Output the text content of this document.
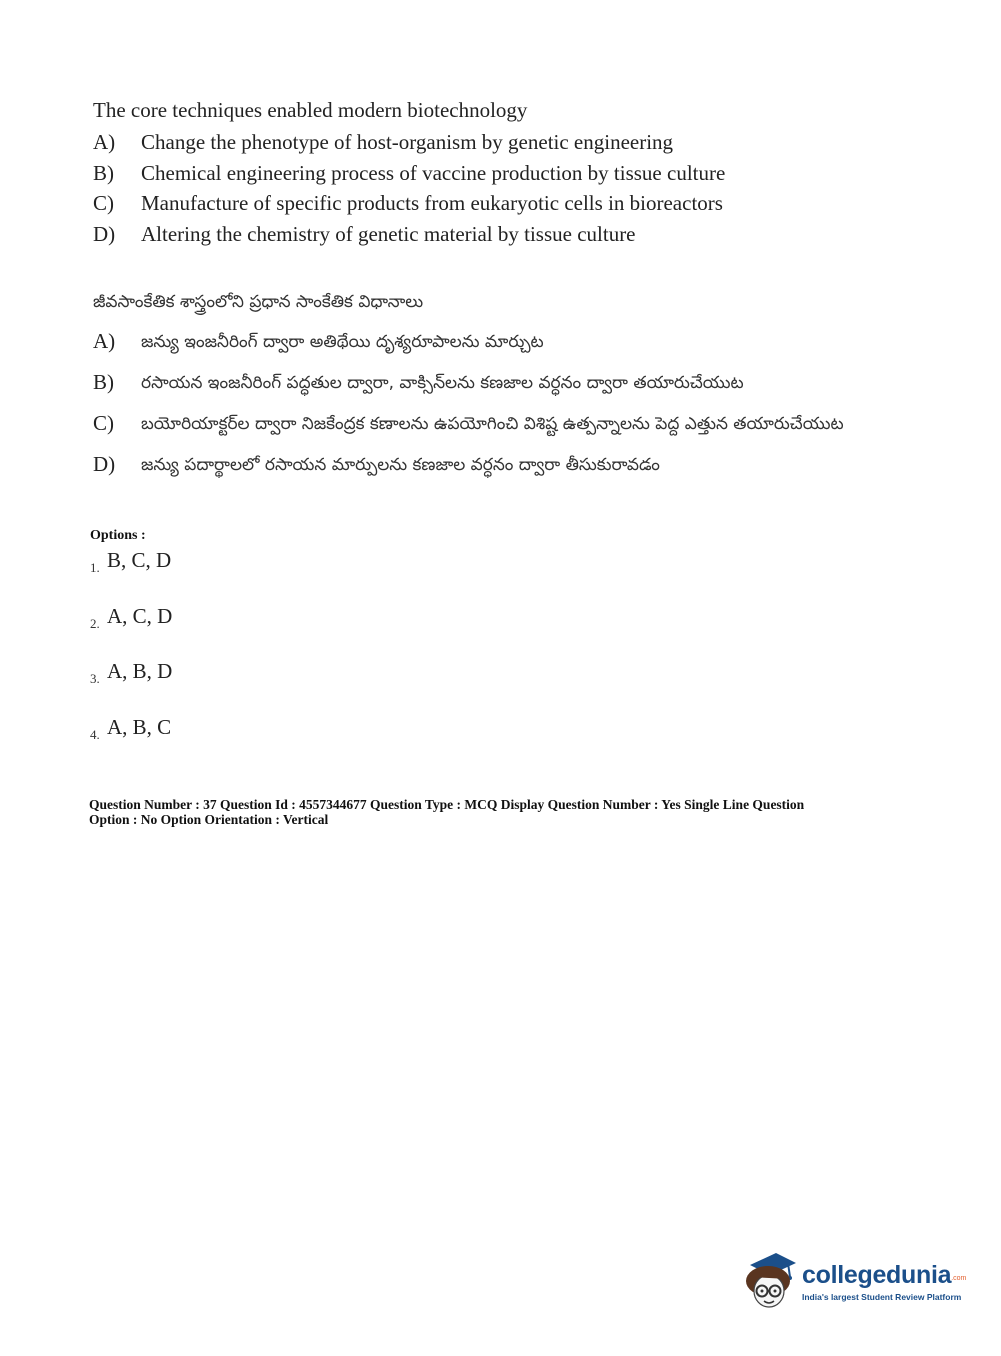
The core techniques enabled modern biotechnology
A)	Change the phenotype of host-organism by genetic engineering
B)	Chemical engineering process of vaccine production by tissue culture
C)	Manufacture of specific products from eukaryotic cells in bioreactors
D)	Altering the chemistry of genetic material by tissue culture
జీవసాంకేతిక శాస్త్రంలోని ప్రధాన సాంకేతిక విధానాలు
A)	జన్యు ఇంజనీరింగ్ ద్వారా అతిథేయి దృశ్యరూపాలను మార్చుట
B)	రసాయన ఇంజనీరింగ్ పద్ధతుల ద్వారా, వాక్సిన్‌లను కణజాల వర్ధనం ద్వారా తయారుచేయుట
C)	బయోరియాక్టర్‌ల ద్వారా నిజకేంద్రక కణాలను ఉపయోగించి విశిష్ట ఉత్పన్నాలను పెద్ద ఎత్తున తయారుచేయుట
D)	జన్యు పదార్థాలలో రసాయన మార్పులను కణజాల వర్ధనం ద్వారా తీసుకురావడం
Options :
1. B, C, D
2. A, C, D
3. A, B, D
4. A, B, C
Question Number : 37 Question Id : 4557344677 Question Type : MCQ Display Question Number : Yes Single Line Question
Option : No Option Orientation : Vertical
collegedunia.com
India's largest Student Review Platform
